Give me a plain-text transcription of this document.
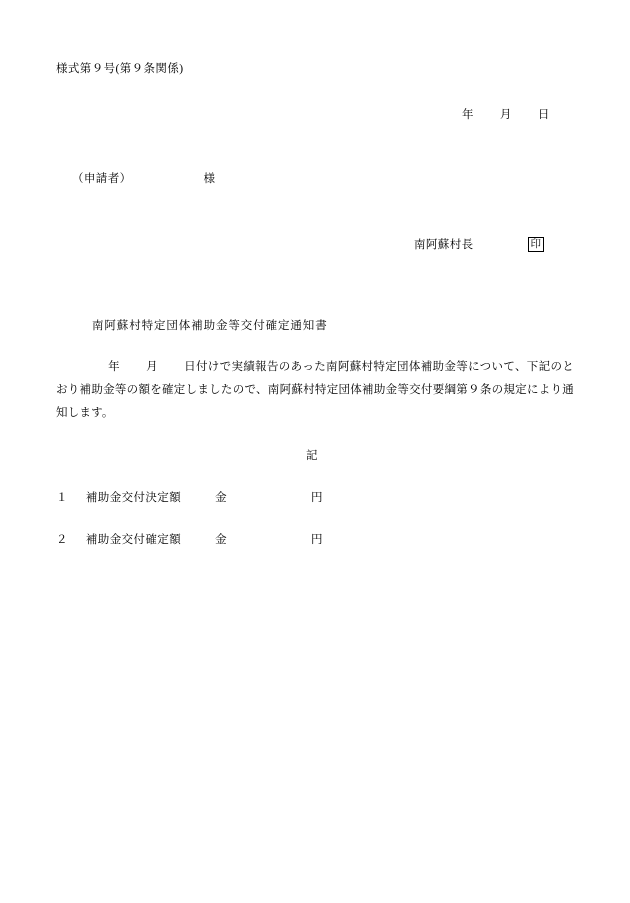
様式第９号(第９条関係)
年 月 日
（申請者）	様
南阿蘇村長	印
南阿蘇村特定団体補助金等交付確定通知書
年 月 日付けで実績報告のあった南阿蘇村特定団体補助金等について、下記のとおり補助金等の額を確定しましたので、南阿蘇村特定団体補助金等交付要綱第９条の規定により通知します。
記
１ 補助金交付決定額	金	円
２ 補助金交付確定額	金	円
